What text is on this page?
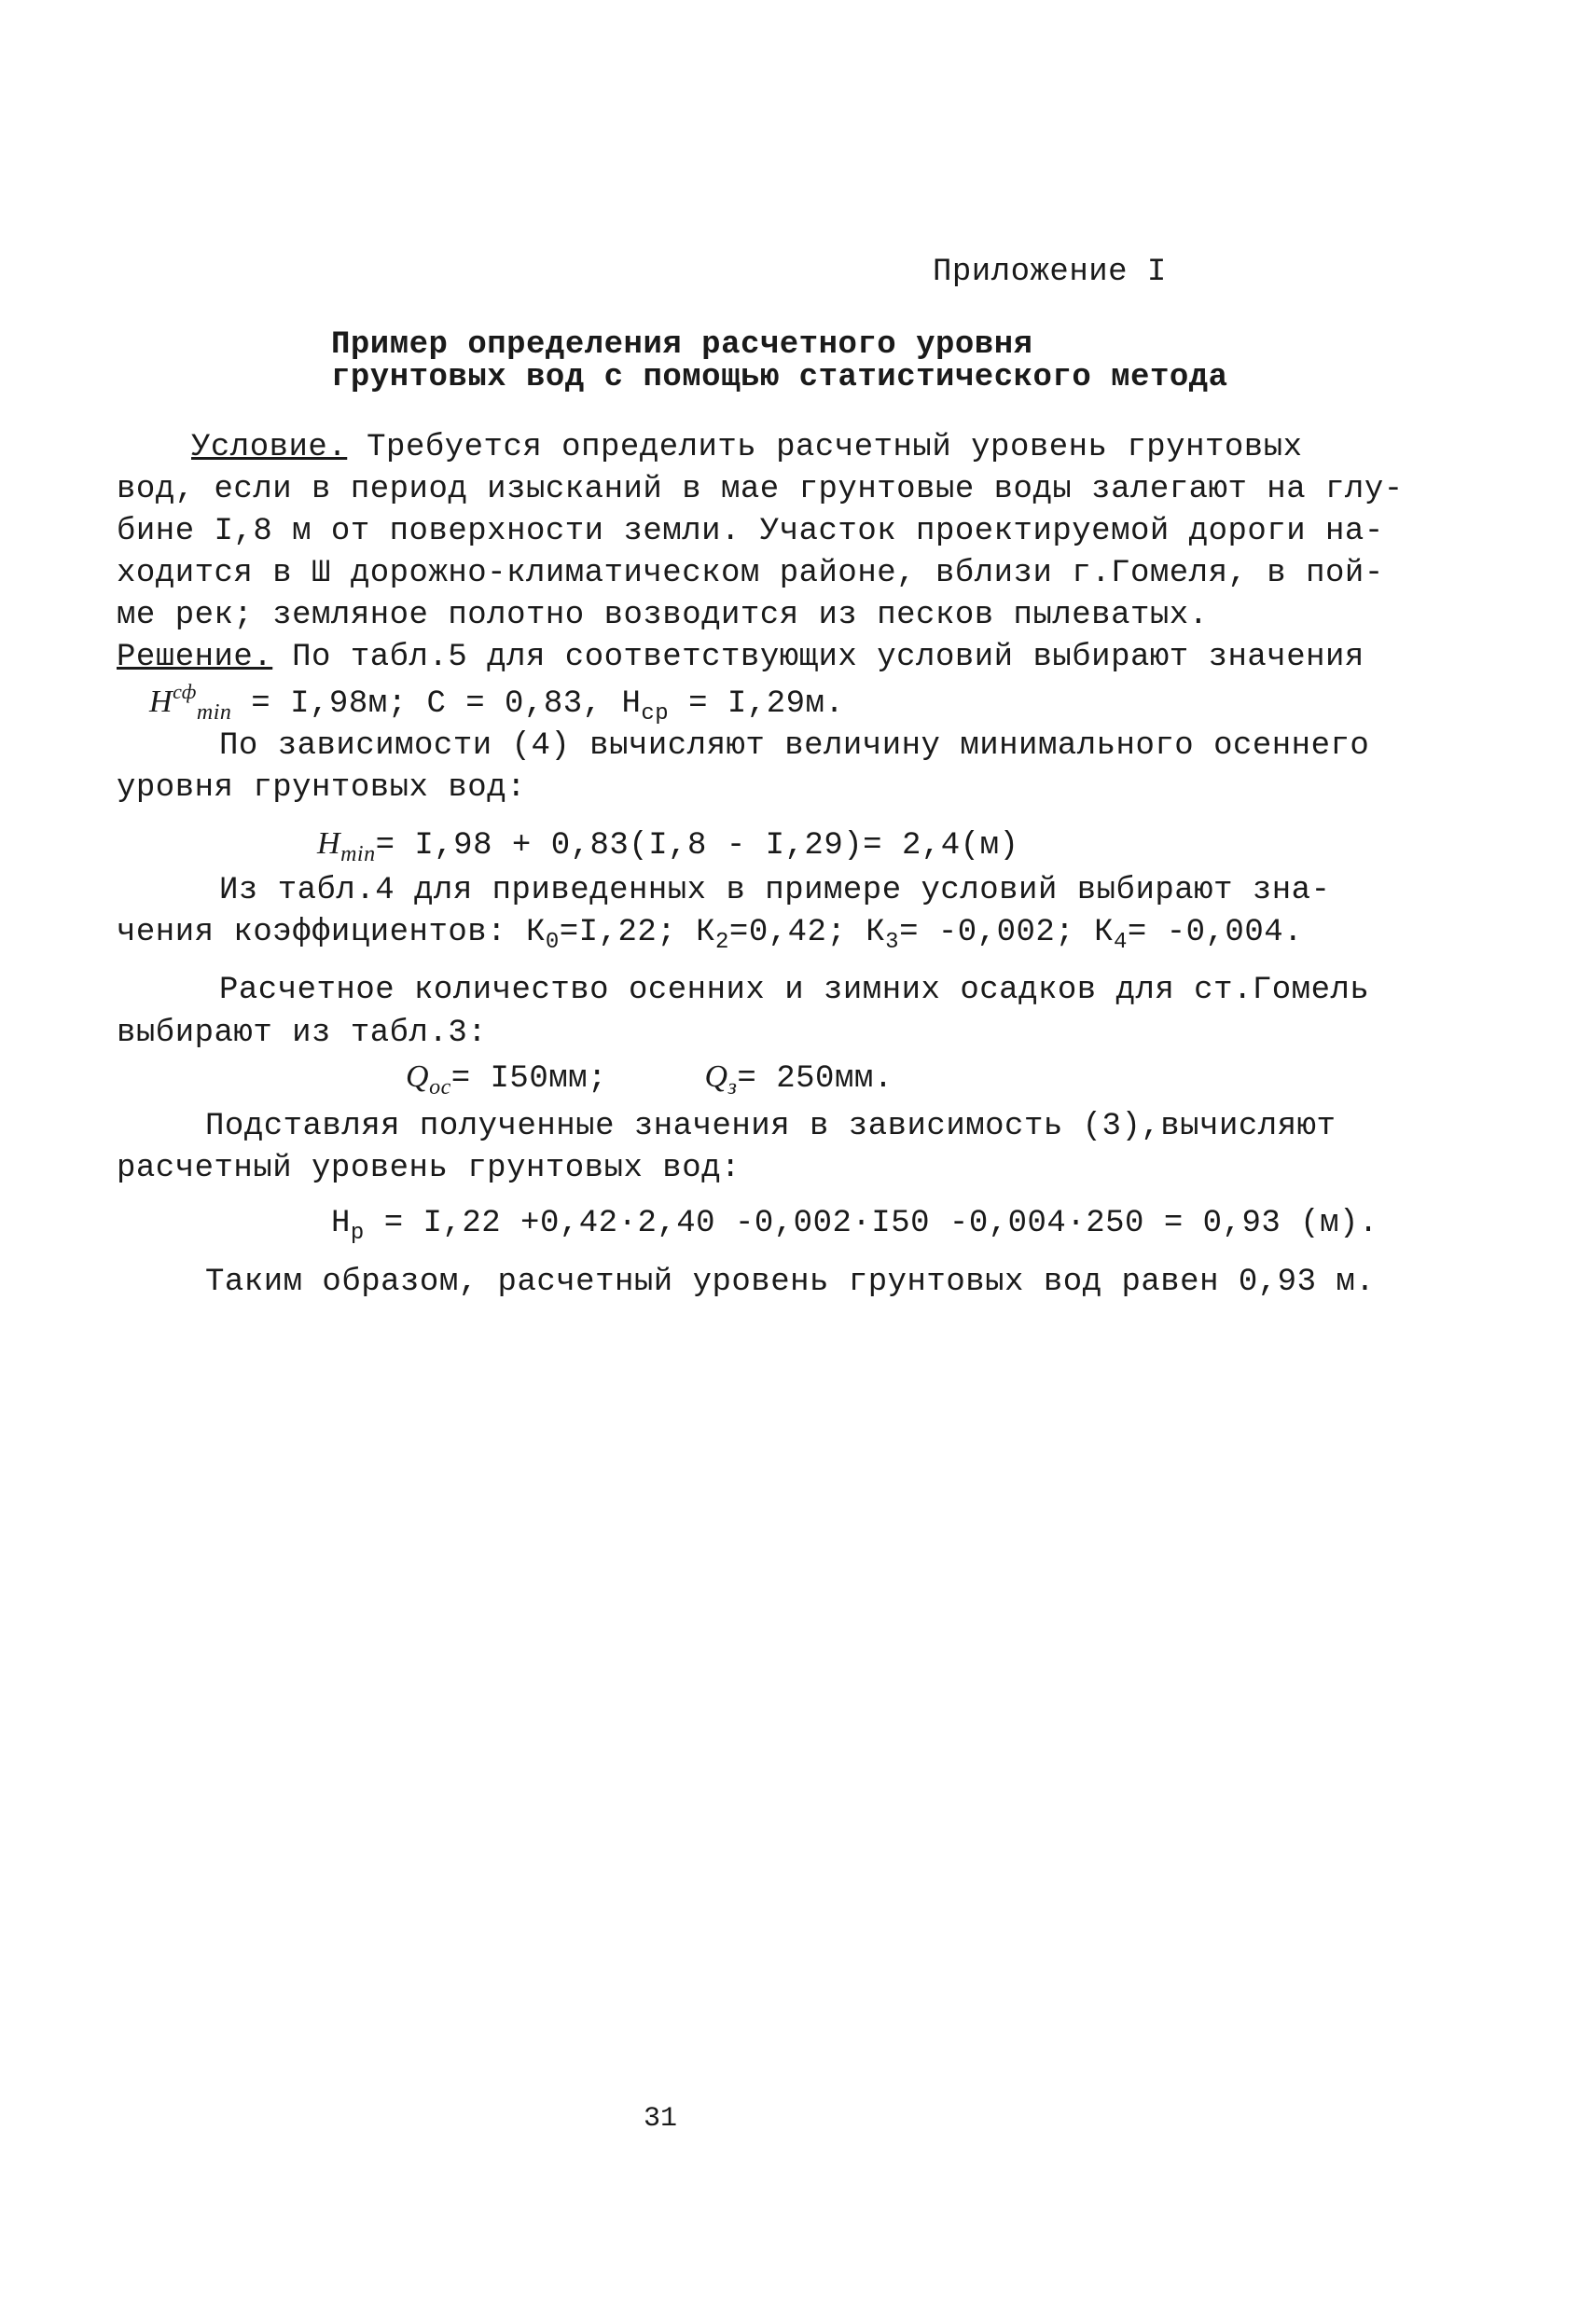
Приложение I
Пример определения расчетного уровня
грунтовых вод с помощью статистического метода
Условие. Требуется определить расчетный уровень грунтовых
вод, если в период изысканий в мае грунтовые воды залегают на глу-
бине I,8 м от поверхности земли. Участок проектируемой дороги на-
ходится в Ш дорожно-климатическом районе, вблизи г.Гомеля, в пой-
ме рек; земляное полотно возводится из песков пылеватых.
Решение. По табл.5 для соответствующих условий выбирают значения
$H^{сф}_{min} = I,98м$; С = 0,83, $H_{ср} = I,29м$.
По зависимости (4) вычисляют величину минимального осеннего
уровня грунтовых вод:
$H_{min}= I,98 + 0,83(I,8 - I,29)= 2,4(м)$
Из табл.4 для приведенных в примере условий выбирают зна-
чения коэффициентов: $К_0=I,22$; $К_2=0,42$; $К_3= -0,002$; $К_4= -0,004$.
Расчетное количество осенних и зимних осадков для ст.Гомель
выбирают из табл.3:
$Q_{ос}= I50мм$;	$Q_з= 250мм$.
Подставляя полученные значения в зависимость (3),вычисляют
расчетный уровень грунтовых вод:
$H_р = I,22 +0,42\cdot 2,40$ -0,002·I50 -0,004·250 = 0,93 (м).
Таким образом, расчетный уровень грунтовых вод равен 0,93 м.
31
